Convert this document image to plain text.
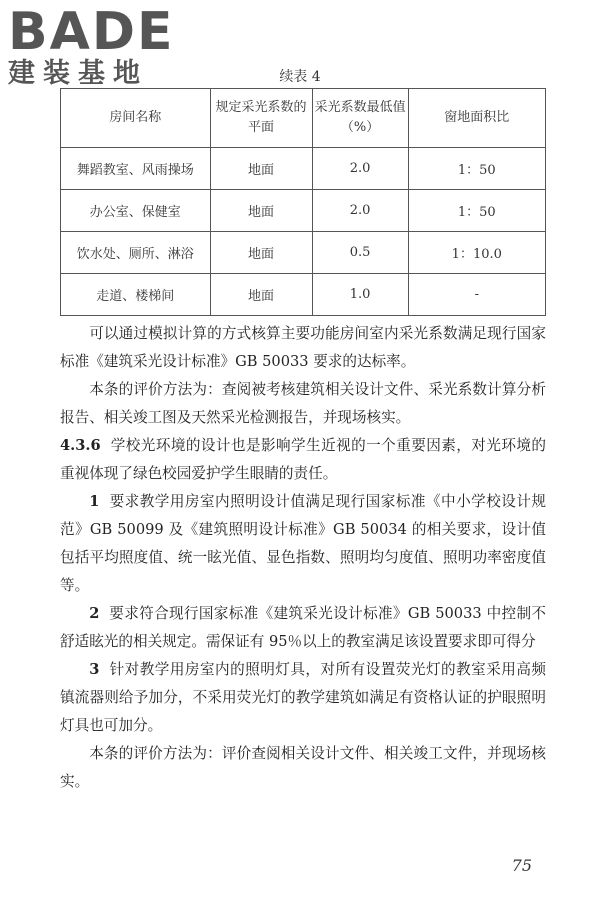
BADE
建装基地	续表 4
房间名称	规定采光系数的平面	采光系数最低值（%）	窗地面积比
舞蹈教室、风雨操场	地面	2.0	1：50
办公室、保健室	地面	2.0	1：50
饮水处、厕所、淋浴	地面	0.5	1：10.0
走道、楼梯间	地面	1.0	-

可以通过模拟计算的方式核算主要功能房间室内采光系数满足现行国家标准《建筑采光设计标准》GB 50033 要求的达标率。

本条的评价方法为：查阅被考核建筑相关设计文件、采光系数计算分析报告、相关竣工图及天然采光检测报告，并现场核实。

4.3.6 学校光环境的设计也是影响学生近视的一个重要因素，对光环境的重视体现了绿色校园爱护学生眼睛的责任。

1 要求教学用房室内照明设计值满足现行国家标准《中小学校设计规范》GB 50099 及《建筑照明设计标准》GB 50034 的相关要求，设计值包括平均照度值、统一眩光值、显色指数、照明均匀度值、照明功率密度值等。

2 要求符合现行国家标准《建筑采光设计标准》GB 50033 中控制不舒适眩光的相关规定。需保证有 95％以上的教室满足该设置要求即可得分

3 针对教学用房室内的照明灯具，对所有设置荧光灯的教室采用高频镇流器则给予加分，不采用荧光灯的教学建筑如满足有资格认证的护眼照明灯具也可加分。

本条的评价方法为：评价查阅相关设计文件、相关竣工文件，并现场核实。

75
